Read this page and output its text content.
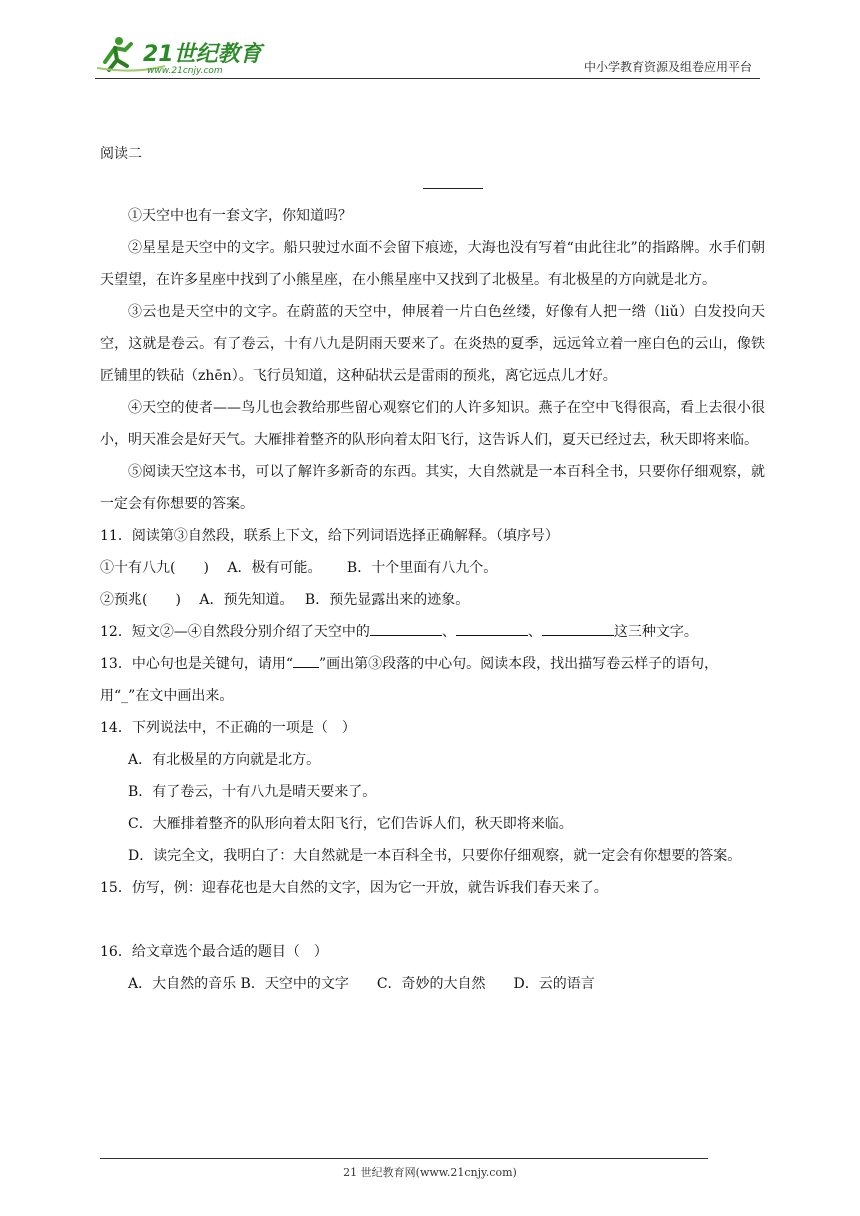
21世纪教育
www.21cnjy.com	中小学教育资源及组卷应用平台
阅读二
①天空中也有一套文字，你知道吗？
②星星是天空中的文字。船只驶过水面不会留下痕迹，大海也没有写着“由此往北”的指路牌。水手们朝天望望，在许多星座中找到了小熊星座，在小熊星座中又找到了北极星。有北极星的方向就是北方。
③云也是天空中的文字。在蔚蓝的天空中，伸展着一片白色丝缕，好像有人把一绺（liǔ）白发投向天空，这就是卷云。有了卷云，十有八九是阴雨天要来了。在炎热的夏季，远远耸立着一座白色的云山，像铁匠铺里的铁砧（zhēn）。飞行员知道，这种砧状云是雷雨的预兆，离它远点儿才好。
④天空的使者——鸟儿也会教给那些留心观察它们的人许多知识。燕子在空中飞得很高，看上去很小很小，明天准会是好天气。大雁排着整齐的队形向着太阳飞行，这告诉人们，夏天已经过去，秋天即将来临。
⑤阅读天空这本书，可以了解许多新奇的东西。其实，大自然就是一本百科全书，只要你仔细观察，就一定会有你想要的答案。
11．阅读第③自然段，联系上下文，给下列词语选择正确解释。（填序号）
①十有八九(　　)　 A．极有可能。　　 B．十个里面有八九个。
②预兆(　　)　 A．预先知道。　 B．预先显露出来的迹象。
12．短文②—④自然段分别介绍了天空中的	、	、	这三种文字。
13．中心句也是关键句，请用“ ”画出第③段落的中心句。阅读本段，找出描写卷云样子的语句，
用“_”在文中画出来。
14．下列说法中，不正确的一项是（　）
A．有北极星的方向就是北方。
B．有了卷云，十有八九是晴天要来了。
C．大雁排着整齐的队形向着太阳飞行，它们告诉人们，秋天即将来临。
D．读完全文，我明白了：大自然就是一本百科全书，只要你仔细观察，就一定会有你想要的答案。
15．仿写，例：迎春花也是大自然的文字，因为它一开放，就告诉我们春天来了。
16．给文章选个最合适的题目（　）
A．大自然的音乐 B．天空中的文字　　C．奇妙的大自然　　D．云的语言
21 世纪教育网(www.21cnjy.com)
